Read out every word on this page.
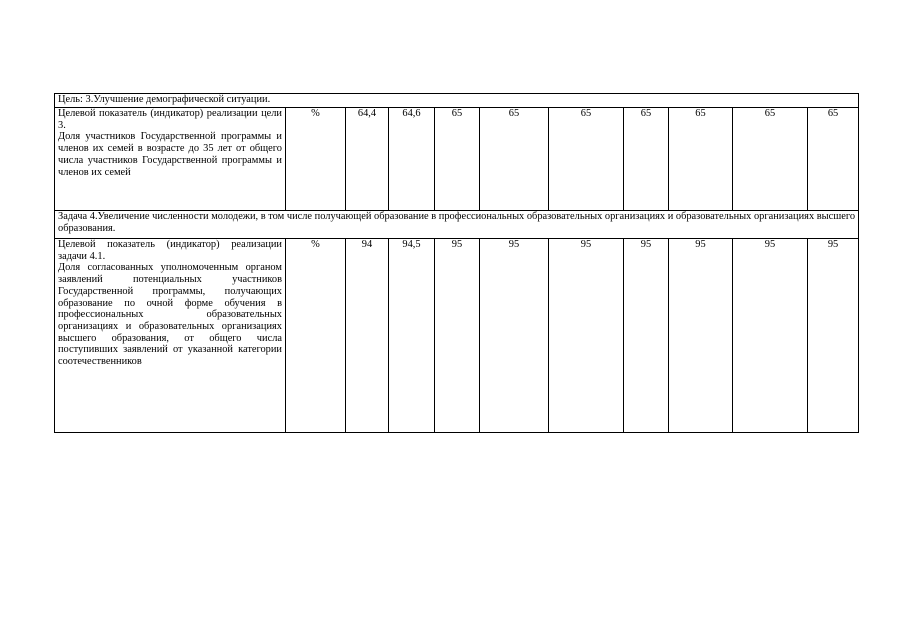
Цель: 3.Улучшение демографической ситуации.										

Целевой показатель (индикатор) реализации цели 3.
Доля участников Государственной программы и членов их семей в возрасте до 35 лет от общего числа участников Государственной программы и членов их семей	%	64,4	64,6	65	65	65	65	65	65	65
Задача 4.Увеличение численности молодежи, в том числе получающей образование в профессиональных образовательных организациях и образовательных организациях высшего образования.										

Целевой показатель (индикатор) реализации задачи 4.1.
Доля согласованных уполномоченным органом заявлений потенциальных участников Государственной программы, получающих образование по очной форме обучения в профессиональных образовательных организациях и образовательных организациях высшего образования, от общего числа поступивших заявлений от указанной категории соотечественников	%	94	94,5	95	95	95	95	95	95	95
